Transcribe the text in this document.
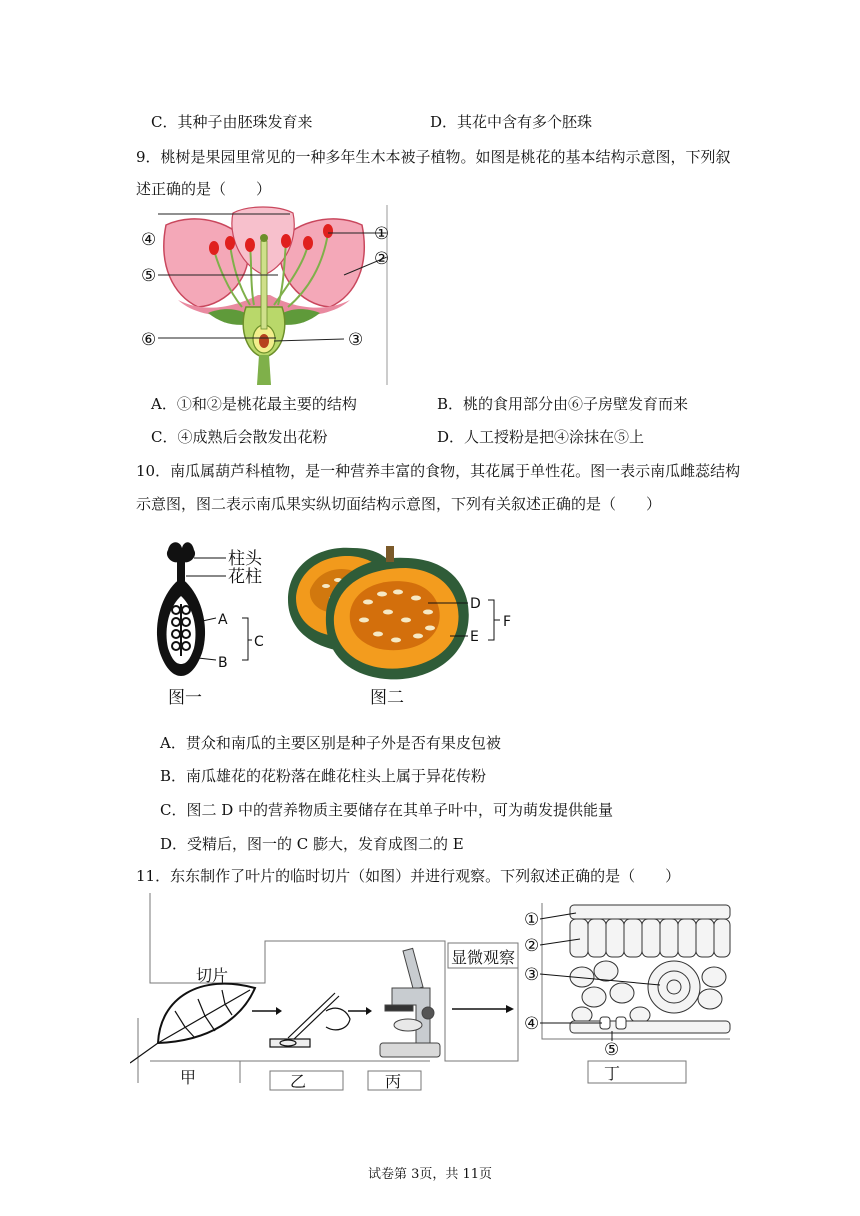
C．其种子由胚珠发育来	D．其花中含有多个胚珠
9．桃树是果园里常见的一种多年生木本被子植物。如图是桃花的基本结构示意图，下列叙
述正确的是（　　）
④
⑤
⑥
①
②
③
A．①和②是桃花最主要的结构	B．桃的食用部分由⑥子房壁发育而来
C．④成熟后会散发出花粉	D．人工授粉是把④涂抹在⑤上
10．南瓜属葫芦科植物，是一种营养丰富的食物，其花属于单性花。图一表示南瓜雌蕊结构
示意图，图二表示南瓜果实纵切面结构示意图，下列有关叙述正确的是（　　）
柱头
花柱
A
B
C
图一
D
E
F
图二
A．贯众和南瓜的主要区别是种子外是否有果皮包被
B．南瓜雄花的花粉落在雌花柱头上属于异花传粉
C．图二 D 中的营养物质主要储存在其单子叶中，可为萌发提供能量
D．受精后，图一的 C 膨大，发育成图二的 E
11．东东制作了叶片的临时切片（如图）并进行观察。下列叙述正确的是（　　）
切片
显微观察
①
②
③
④
⑤
甲	乙	丙	丁
试卷第 3页，共 11页
